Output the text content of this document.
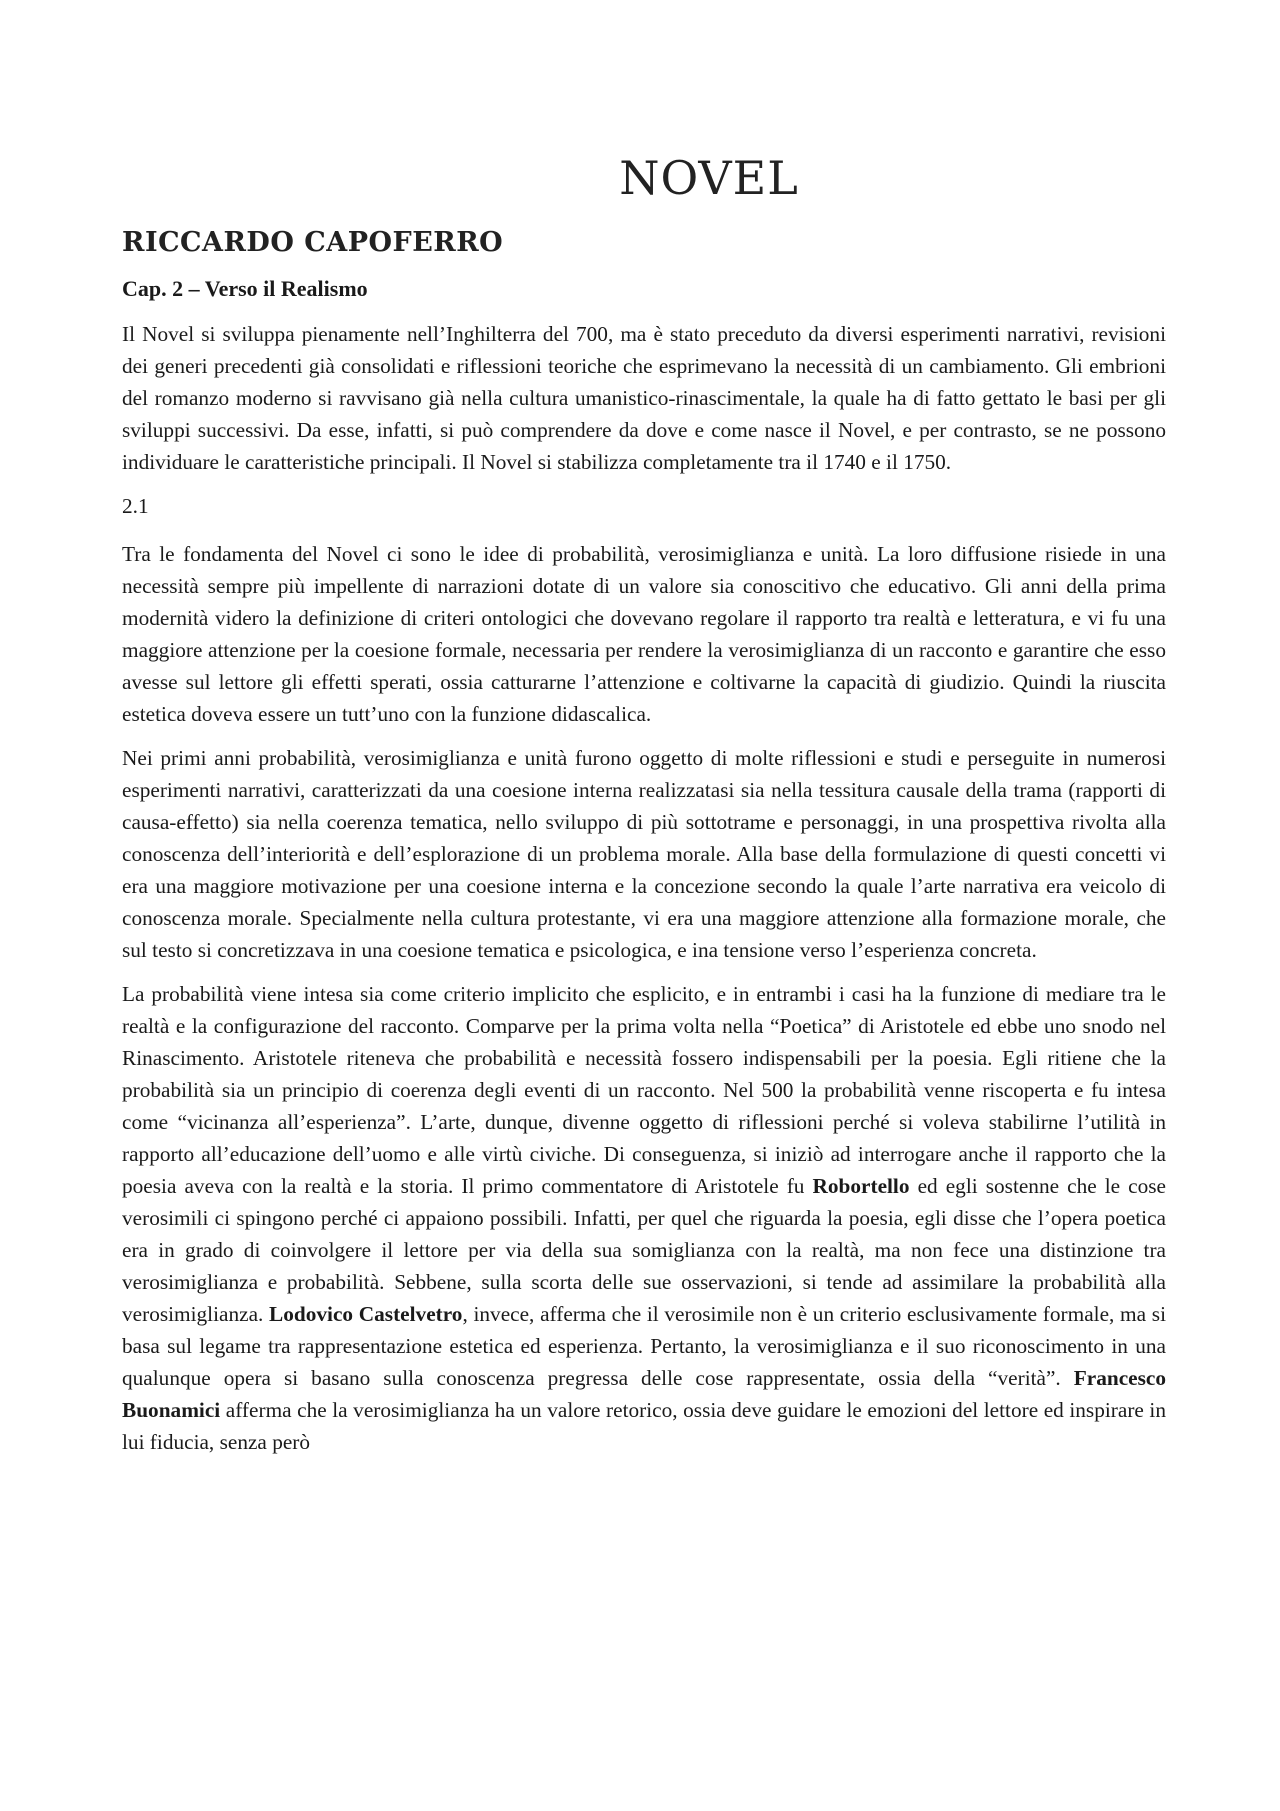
NOVEL
RICCARDO CAPOFERRO
Cap. 2 – Verso il Realismo

Il Novel si sviluppa pienamente nell’Inghilterra del 700, ma è stato preceduto da diversi esperimenti narrativi, revisioni dei generi precedenti già consolidati e riflessioni teoriche che esprimevano la necessità di un cambiamento. Gli embrioni del romanzo moderno si ravvisano già nella cultura umanistico-rinascimentale, la quale ha di fatto gettato le basi per gli sviluppi successivi. Da esse, infatti, si può comprendere da dove e come nasce il Novel, e per contrasto, se ne possono individuare le caratteristiche principali. Il Novel si stabilizza completamente tra il 1740 e il 1750.

2.1

Tra le fondamenta del Novel ci sono le idee di probabilità, verosimiglianza e unità. La loro diffusione risiede in una necessità sempre più impellente di narrazioni dotate di un valore sia conoscitivo che educativo. Gli anni della prima modernità videro la definizione di criteri ontologici che dovevano regolare il rapporto tra realtà e letteratura, e vi fu una maggiore attenzione per la coesione formale, necessaria per rendere la verosimiglianza di un racconto e garantire che esso avesse sul lettore gli effetti sperati, ossia catturarne l’attenzione e coltivarne la capacità di giudizio. Quindi la riuscita estetica doveva essere un tutt’uno con la funzione didascalica.

Nei primi anni probabilità, verosimiglianza e unità furono oggetto di molte riflessioni e studi e perseguite in numerosi esperimenti narrativi, caratterizzati da una coesione interna realizzatasi sia nella tessitura causale della trama (rapporti di causa-effetto) sia nella coerenza tematica, nello sviluppo di più sottotrame e personaggi, in una prospettiva rivolta alla conoscenza dell’interiorità e dell’esplorazione di un problema morale. Alla base della formulazione di questi concetti vi era una maggiore motivazione per una coesione interna e la concezione secondo la quale l’arte narrativa era veicolo di conoscenza morale. Specialmente nella cultura protestante, vi era una maggiore attenzione alla formazione morale, che sul testo si concretizzava in una coesione tematica e psicologica, e ina tensione verso l’esperienza concreta.

La probabilità viene intesa sia come criterio implicito che esplicito, e in entrambi i casi ha la funzione di mediare tra le realtà e la configurazione del racconto. Comparve per la prima volta nella “Poetica” di Aristotele ed ebbe uno snodo nel Rinascimento. Aristotele riteneva che probabilità e necessità fossero indispensabili per la poesia. Egli ritiene che la probabilità sia un principio di coerenza degli eventi di un racconto. Nel 500 la probabilità venne riscoperta e fu intesa come “vicinanza all’esperienza”. L’arte, dunque, divenne oggetto di riflessioni perché si voleva stabilirne l’utilità in rapporto all’educazione dell’uomo e alle virtù civiche. Di conseguenza, si iniziò ad interrogare anche il rapporto che la poesia aveva con la realtà e la storia. Il primo commentatore di Aristotele fu Robortello ed egli sostenne che le cose verosimili ci spingono perché ci appaiono possibili. Infatti, per quel che riguarda la poesia, egli disse che l’opera poetica era in grado di coinvolgere il lettore per via della sua somiglianza con la realtà, ma non fece una distinzione tra verosimiglianza e probabilità. Sebbene, sulla scorta delle sue osservazioni, si tende ad assimilare la probabilità alla verosimiglianza. Lodovico Castelvetro, invece, afferma che il verosimile non è un criterio esclusivamente formale, ma si basa sul legame tra rappresentazione estetica ed esperienza. Pertanto, la verosimiglianza e il suo riconoscimento in una qualunque opera si basano sulla conoscenza pregressa delle cose rappresentate, ossia della “verità”. Francesco Buonamici afferma che la verosimiglianza ha un valore retorico, ossia deve guidare le emozioni del lettore ed inspirare in lui fiducia, senza però
